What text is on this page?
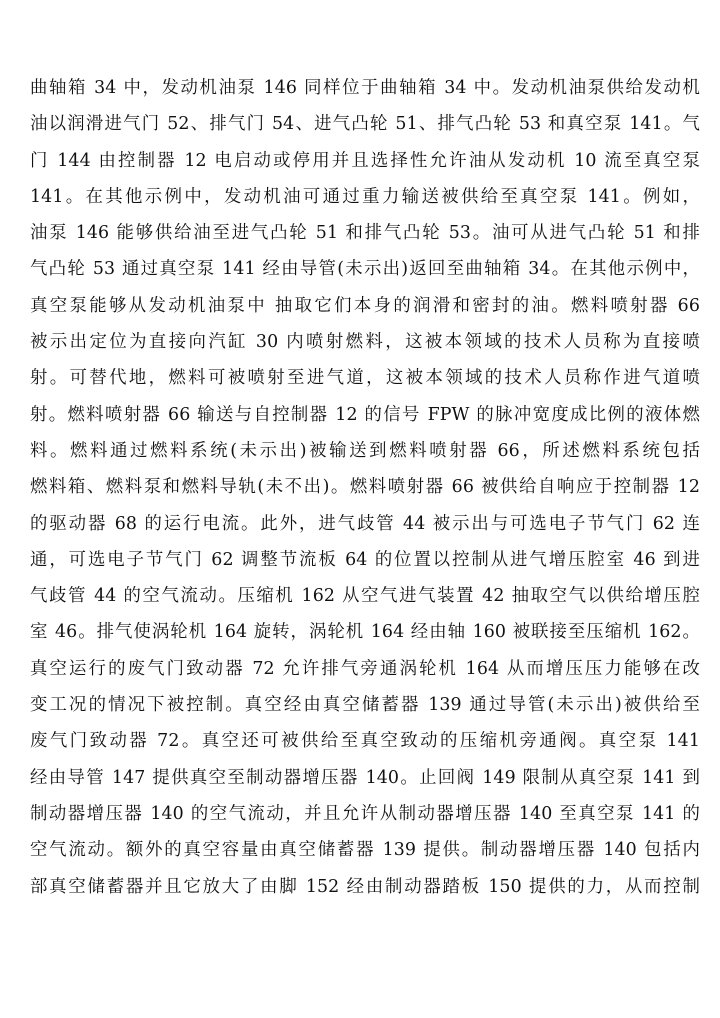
曲轴箱 34 中，发动机油泵 146 同样位于曲轴箱 34 中。发动机油泵供给发动机
油以润滑进气门 52、排气门 54、进气凸轮 51、排气凸轮 53 和真空泵 141。气
门 144 由控制器 12 电启动或停用并且选择性允许油从发动机 10 流至真空泵
141。在其他示例中，发动机油可通过重力输送被供给至真空泵 141。例如，
油泵 146 能够供给油至进气凸轮 51 和排气凸轮 53。油可从进气凸轮 51 和排
气凸轮 53 通过真空泵 141 经由导管(未示出)返回至曲轴箱 34。在其他示例中，
真空泵能够从发动机油泵中 抽取它们本身的润滑和密封的油。燃料喷射器 66
被示出定位为直接向汽缸 30 内喷射燃料，这被本领域的技术人员称为直接喷
射。可替代地，燃料可被喷射至进气道，这被本领域的技术人员称作进气道喷
射。燃料喷射器 66 输送与自控制器 12 的信号 FPW 的脉冲宽度成比例的液体燃
料。燃料通过燃料系统(未示出)被输送到燃料喷射器 66，所述燃料系统包括
燃料箱、燃料泵和燃料导轨(未不出)。燃料喷射器 66 被供给自响应于控制器 12
的驱动器 68 的运行电流。此外，进气歧管 44 被示出与可选电子节气门 62 连
通，可选电子节气门 62 调整节流板 64 的位置以控制从进气增压腔室 46 到进
气歧管 44 的空气流动。压缩机 162 从空气进气装置 42 抽取空气以供给增压腔
室 46。排气使涡轮机 164 旋转，涡轮机 164 经由轴 160 被联接至压缩机 162。
真空运行的废气门致动器 72 允许排气旁通涡轮机 164 从而增压压力能够在改
变工况的情况下被控制。真空经由真空储蓄器 139 通过导管(未示出)被供给至
废气门致动器 72。真空还可被供给至真空致动的压缩机旁通阀。真空泵 141
经由导管 147 提供真空至制动器增压器 140。止回阀 149 限制从真空泵 141 到
制动器增压器 140 的空气流动，并且允许从制动器增压器 140 至真空泵 141 的
空气流动。额外的真空容量由真空储蓄器 139 提供。制动器增压器 140 包括内
部真空储蓄器并且它放大了由脚 152 经由制动器踏板 150 提供的力，从而控制
